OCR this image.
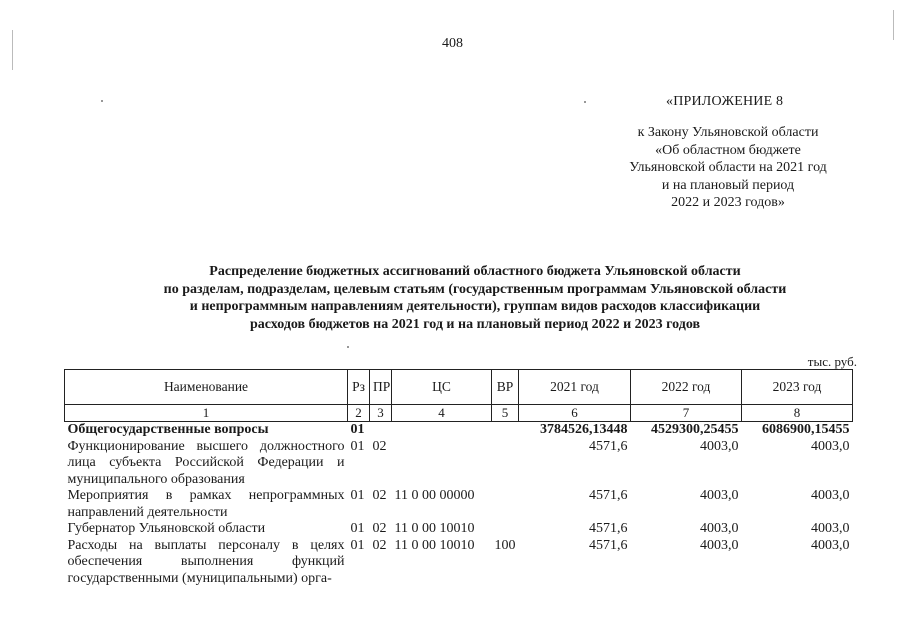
408
«ПРИЛОЖЕНИЕ 8
к Закону Ульяновской области
«Об областном бюджете
Ульяновской области на 2021 год
и на плановый период
2022 и 2023 годов»
Распределение бюджетных ассигнований областного бюджета Ульяновской области
по разделам, подразделам, целевым статьям (государственным программам Ульяновской области
и непрограммным направлениям деятельности), группам видов расходов классификации
расходов бюджетов на 2021 год и на плановый период 2022 и 2023 годов
тыс. руб.
Наименование	Рз	ПР	ЦС	ВР	2021 год	2022 год	2023 год
1	2	3	4	5	6	7	8
Общегосударственные вопросы	01				3784526,13448	4529300,25455	6086900,15455
Функционирование высшего должностного лица субъекта Российской Федерации и муниципального образования	01	02			4571,6	4003,0	4003,0
Мероприятия в рамках непрограммных направлений деятельности	01	02	11 0 00 00000		4571,6	4003,0	4003,0
Губернатор Ульяновской области	01	02	11 0 00 10010		4571,6	4003,0	4003,0
Расходы на выплаты персоналу в целях обеспечения выполнения функций государственными (муниципальными) орга-	01	02	11 0 00 10010	100	4571,6	4003,0	4003,0
